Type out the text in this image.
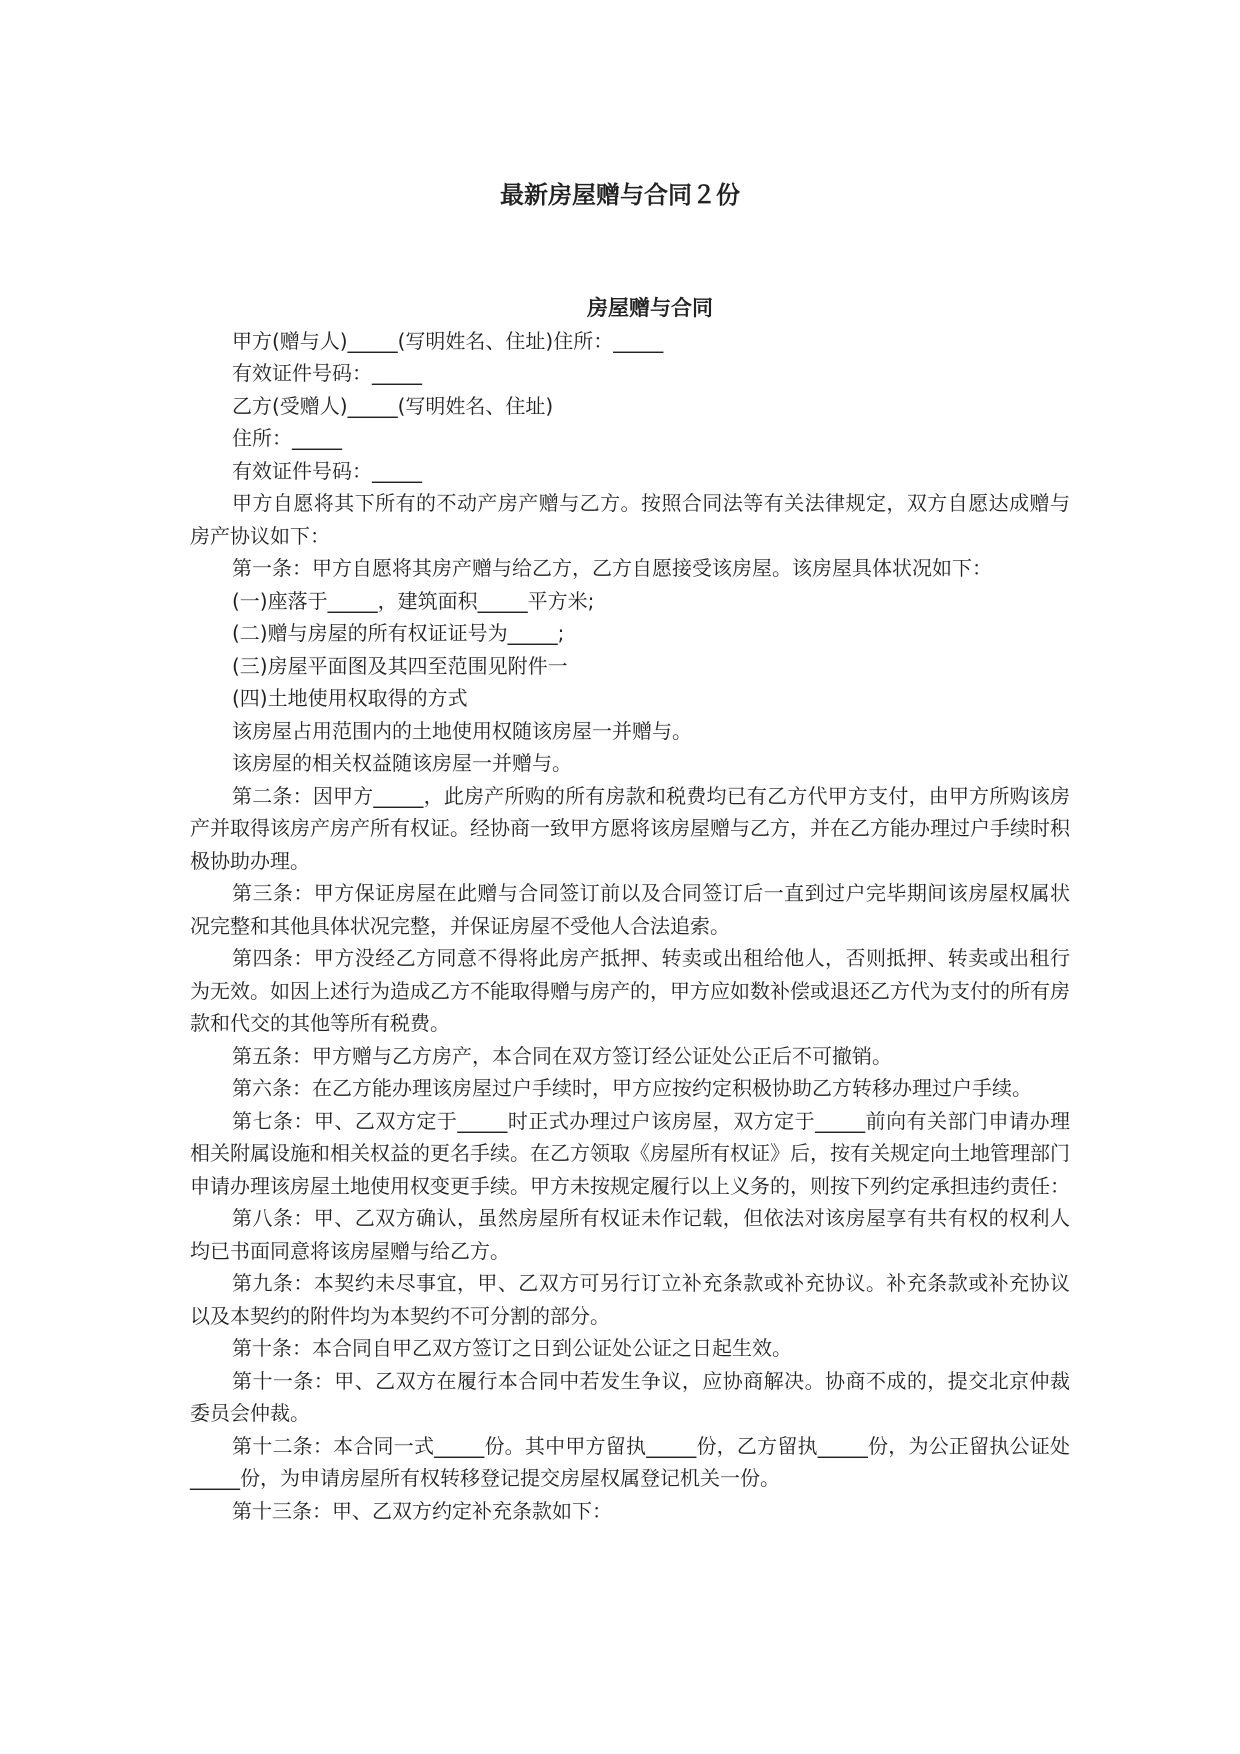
最新房屋赠与合同２份
房屋赠与合同

甲方(赠与人)_____(写明姓名、住址)住所：_____

有效证件号码：_____

乙方(受赠人)_____(写明姓名、住址)

住所：_____

有效证件号码：_____

甲方自愿将其下所有的不动产房产赠与乙方。按照合同法等有关法律规定，双方自愿达成赠与房产协议如下：

第一条：甲方自愿将其房产赠与给乙方，乙方自愿接受该房屋。该房屋具体状况如下：

(一)座落于_____，建筑面积_____平方米;

(二)赠与房屋的所有权证证号为_____;

(三)房屋平面图及其四至范围见附件一

(四)土地使用权取得的方式

该房屋占用范围内的土地使用权随该房屋一并赠与。

该房屋的相关权益随该房屋一并赠与。

第二条：因甲方_____，此房产所购的所有房款和税费均已有乙方代甲方支付，由甲方所购该房产并取得该房产房产所有权证。经协商一致甲方愿将该房屋赠与乙方，并在乙方能办理过户手续时积极协助办理。

第三条：甲方保证房屋在此赠与合同签订前以及合同签订后一直到过户完毕期间该房屋权属状况完整和其他具体状况完整，并保证房屋不受他人合法追索。

第四条：甲方没经乙方同意不得将此房产抵押、转卖或出租给他人，否则抵押、转卖或出租行为无效。如因上述行为造成乙方不能取得赠与房产的，甲方应如数补偿或退还乙方代为支付的所有房款和代交的其他等所有税费。

第五条：甲方赠与乙方房产，本合同在双方签订经公证处公正后不可撤销。

第六条：在乙方能办理该房屋过户手续时，甲方应按约定积极协助乙方转移办理过户手续。

第七条：甲、乙双方定于_____时正式办理过户该房屋，双方定于_____前向有关部门申请办理相关附属设施和相关权益的更名手续。在乙方领取《房屋所有权证》后，按有关规定向土地管理部门申请办理该房屋土地使用权变更手续。甲方未按规定履行以上义务的，则按下列约定承担违约责任：

第八条：甲、乙双方确认，虽然房屋所有权证未作记载，但依法对该房屋享有共有权的权利人均已书面同意将该房屋赠与给乙方。

第九条：本契约未尽事宜，甲、乙双方可另行订立补充条款或补充协议。补充条款或补充协议以及本契约的附件均为本契约不可分割的部分。

第十条：本合同自甲乙双方签订之日到公证处公证之日起生效。

第十一条：甲、乙双方在履行本合同中若发生争议，应协商解决。协商不成的，提交北京仲裁委员会仲裁。

第十二条：本合同一式_____份。其中甲方留执_____份，乙方留执_____份，为公正留执公证处_____份，为申请房屋所有权转移登记提交房屋权属登记机关一份。

第十三条：甲、乙双方约定补充条款如下：
